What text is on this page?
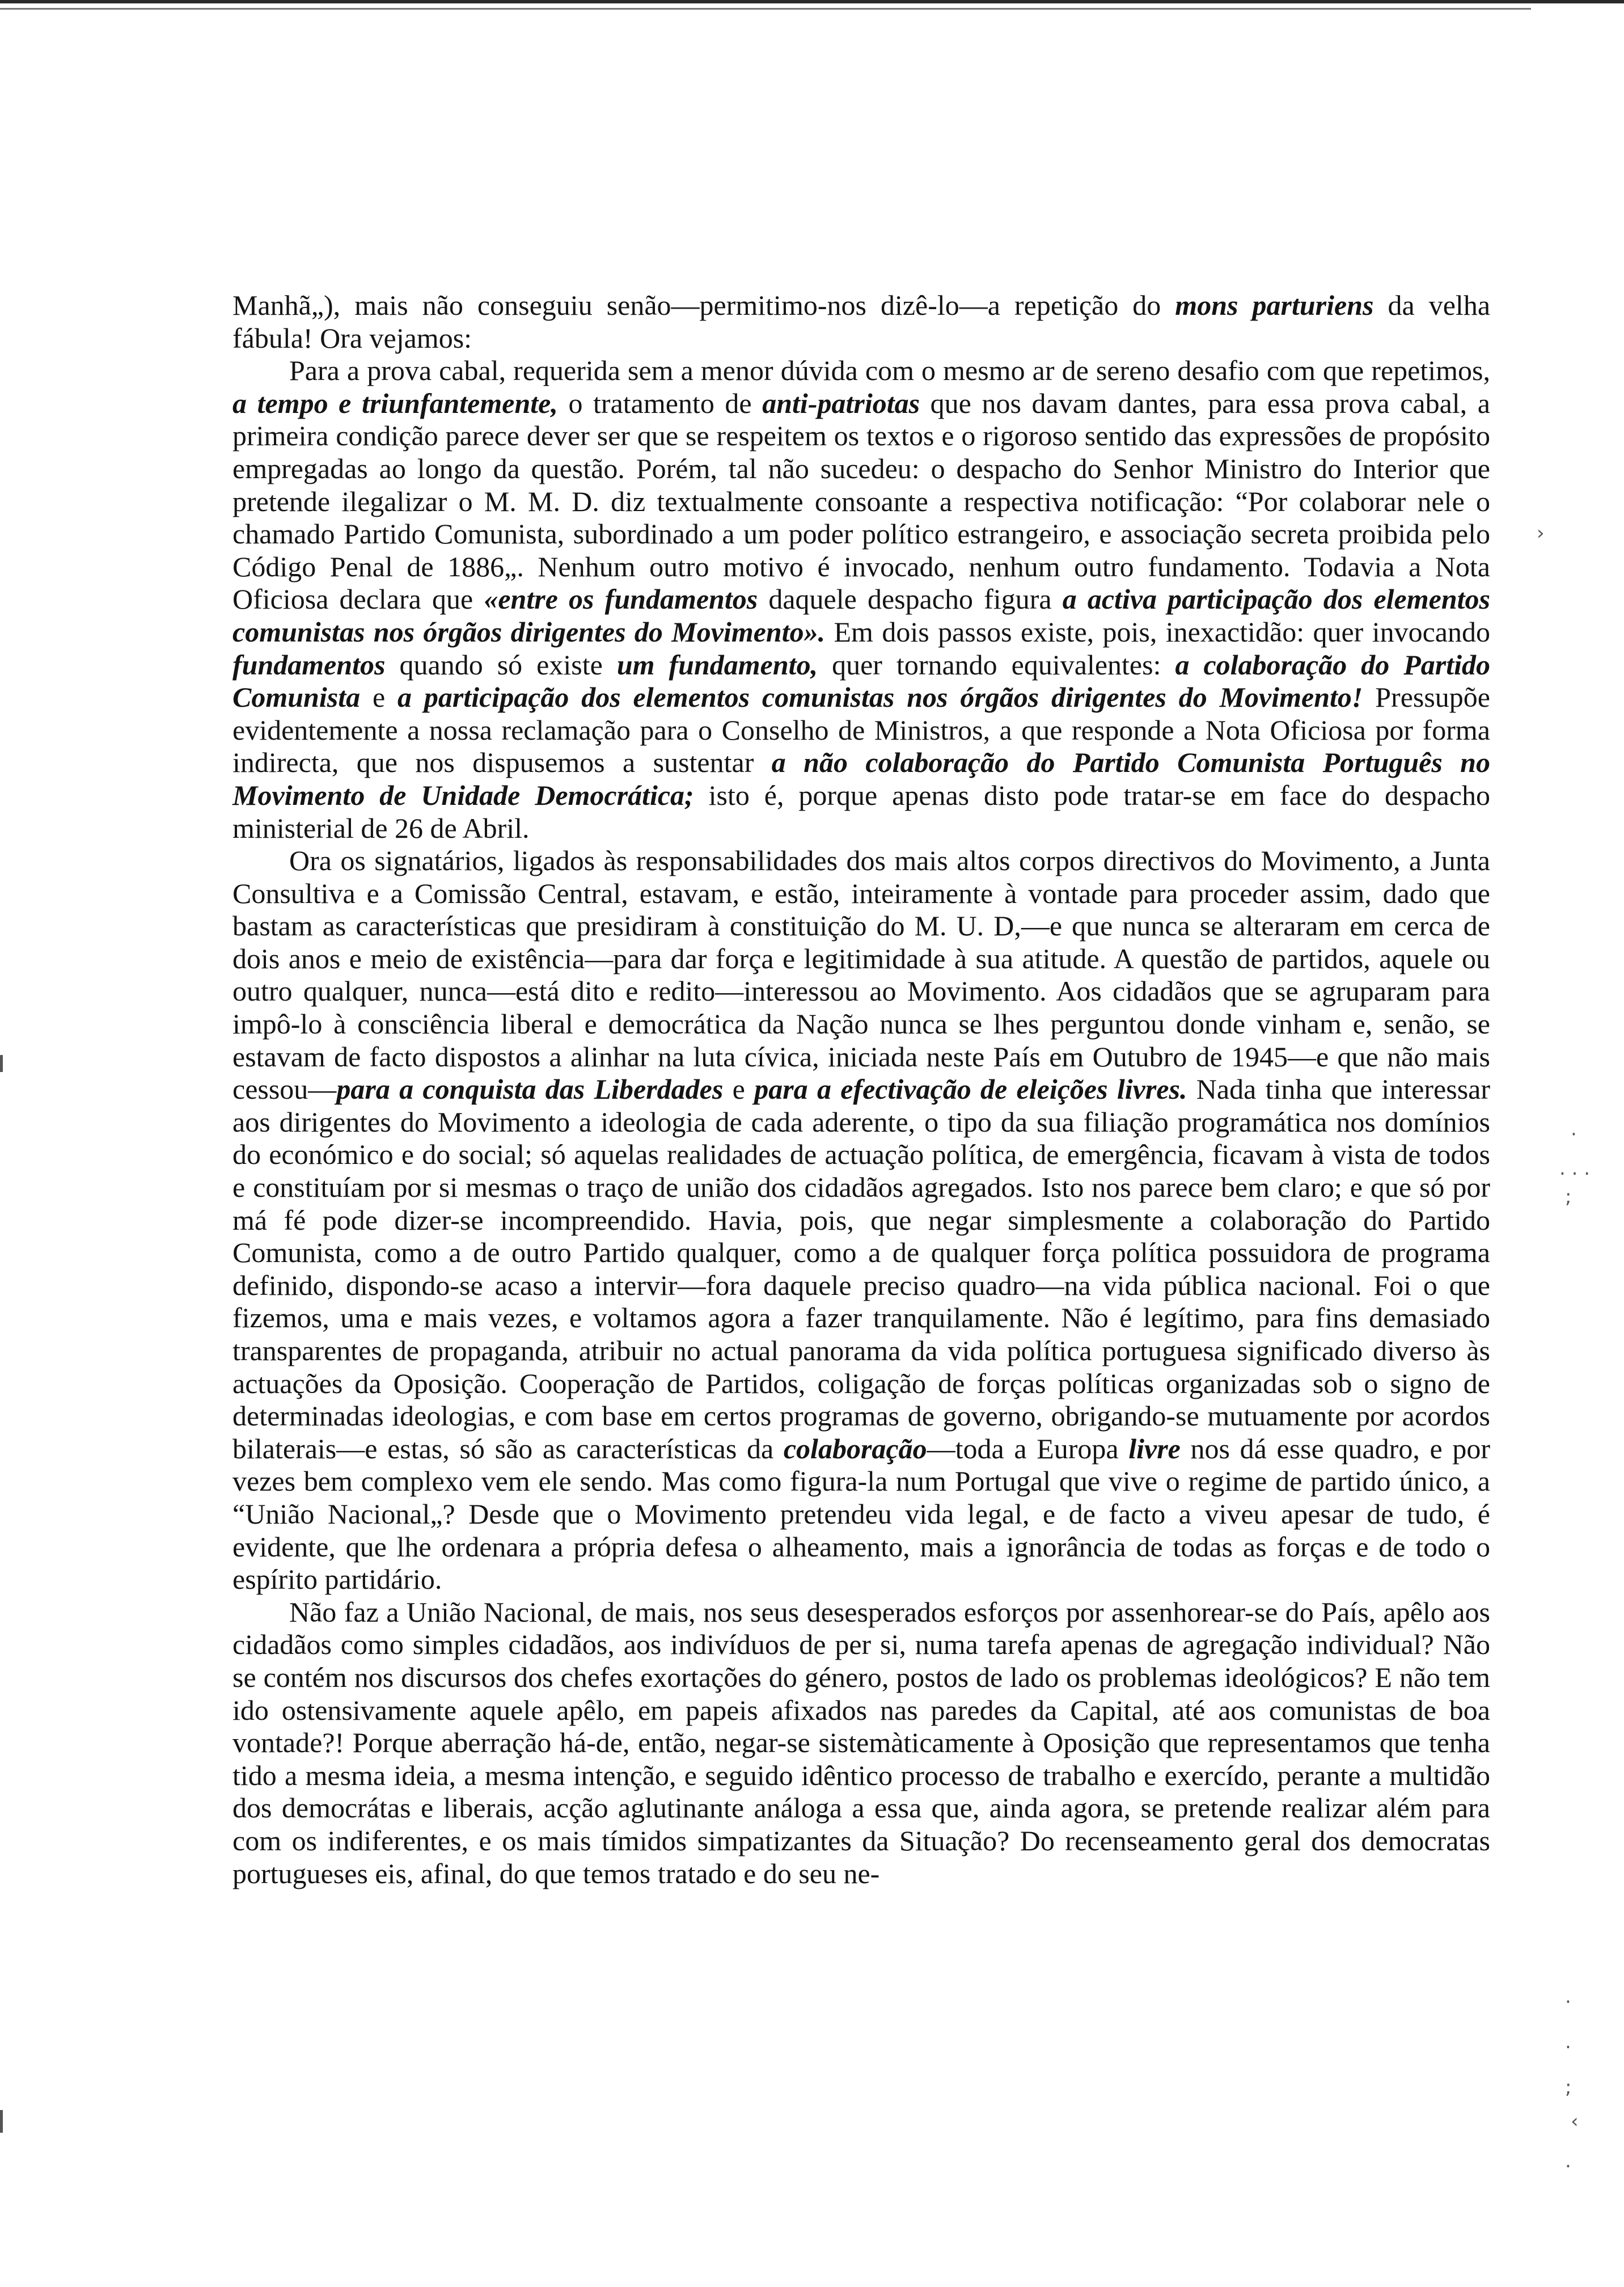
Manhã„), mais não conseguiu senão—permitimo-nos dizê-lo—a repetição do mons parturiens da velha fábula! Ora vejamos:

Para a prova cabal, requerida sem a menor dúvida com o mesmo ar de sereno desafio com que repetimos, a tempo e triunfantemente, o tratamento de anti-patriotas que nos davam dantes, para essa prova cabal, a primeira condição parece dever ser que se respeitem os textos e o rigoroso sentido das expressões de propósito empregadas ao longo da questão. Porém, tal não sucedeu: o despacho do Senhor Ministro do Interior que pretende ilegalizar o M. M. D. diz textualmente consoante a respectiva notificação: “Por colaborar nele o chamado Partido Comunista, subordinado a um poder político estrangeiro, e associação secreta proibida pelo Código Penal de 1886„. Nenhum outro motivo é invocado, nenhum outro fundamento. Todavia a Nota Oficiosa declara que «entre os fundamentos daquele despacho figura a activa participação dos elementos comunistas nos órgãos dirigentes do Movimento». Em dois passos existe, pois, inexactidão: quer invocando fundamentos quando só existe um fundamento, quer tornando equivalentes: a colaboração do Partido Comunista e a participação dos elementos comunistas nos órgãos dirigentes do Movimento! Pressupõe evidentemente a nossa reclamação para o Conselho de Ministros, a que responde a Nota Oficiosa por forma indirecta, que nos dispusemos a sustentar a não colaboração do Partido Comunista Português no Movimento de Unidade Democrática; isto é, porque apenas disto pode tratar-se em face do despacho ministerial de 26 de Abril.

Ora os signatários, ligados às responsabilidades dos mais altos corpos directivos do Movimento, a Junta Consultiva e a Comissão Central, estavam, e estão, inteiramente à vontade para proceder assim, dado que bastam as características que presidiram à constituição do M. U. D,—e que nunca se alteraram em cerca de dois anos e meio de existência—para dar força e legitimidade à sua atitude. A questão de partidos, aquele ou outro qualquer, nunca—está dito e redito—interessou ao Movimento. Aos cidadãos que se agruparam para impô-lo à consciência liberal e democrática da Nação nunca se lhes perguntou donde vinham e, senão, se estavam de facto dispostos a alinhar na luta cívica, iniciada neste País em Outubro de 1945—e que não mais cessou—para a conquista das Liberdades e para a efectivação de eleições livres. Nada tinha que interessar aos dirigentes do Movimento a ideologia de cada aderente, o tipo da sua filiação programática nos domínios do económico e do social; só aquelas realidades de actuação política, de emergência, ficavam à vista de todos e constituíam por si mesmas o traço de união dos cidadãos agregados. Isto nos parece bem claro; e que só por má fé pode dizer-se incompreendido. Havia, pois, que negar simplesmente a colaboração do Partido Comunista, como a de outro Partido qualquer, como a de qualquer força política possuidora de programa definido, dispondo-se acaso a intervir—fora daquele preciso quadro—na vida pública nacional. Foi o que fizemos, uma e mais vezes, e voltamos agora a fazer tranquilamente. Não é legítimo, para fins demasiado transparentes de propaganda, atribuir no actual panorama da vida política portuguesa significado diverso às actuações da Oposição. Cooperação de Partidos, coligação de forças políticas organizadas sob o signo de determinadas ideologias, e com base em certos programas de governo, obrigando-se mutuamente por acordos bilaterais—e estas, só são as características da colaboração—toda a Europa livre nos dá esse quadro, e por vezes bem complexo vem ele sendo. Mas como figura-la num Portugal que vive o regime de partido único, a “União Nacional„? Desde que o Movimento pretendeu vida legal, e de facto a viveu apesar de tudo, é evidente, que lhe ordenara a própria defesa o alheamento, mais a ignorância de todas as forças e de todo o espírito partidário.

Não faz a União Nacional, de mais, nos seus desesperados esforços por assenhorear-se do País, apêlo aos cidadãos como simples cidadãos, aos indivíduos de per si, numa tarefa apenas de agregação individual? Não se contém nos discursos dos chefes exortações do género, postos de lado os problemas ideológicos? E não tem ido ostensivamente aquele apêlo, em papeis afixados nas paredes da Capital, até aos comunistas de boa vontade?! Porque aberração há-de, então, negar-se sistemàticamente à Oposição que representamos que tenha tido a mesma ideia, a mesma intenção, e seguido idêntico processo de trabalho e exercído, perante a multidão dos democrátas e liberais, acção aglutinante análoga a essa que, ainda agora, se pretende realizar além para com os indiferentes, e os mais tímidos simpatizantes da Situação? Do recenseamento geral dos democratas portugueses eis, afinal, do que temos tratado e do seu ne-

›
·
. . .
;
.
.
;
‹
.
